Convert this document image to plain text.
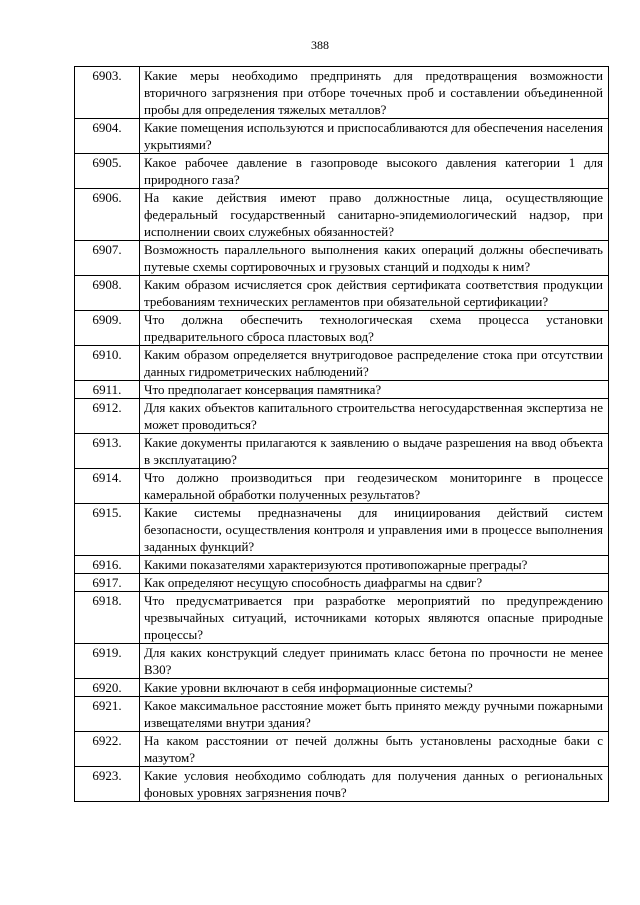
388
6903.	Какие меры необходимо предпринять для предотвращения возможности вторичного загрязнения при отборе точечных проб и составлении объединенной пробы для определения тяжелых металлов?
6904.	Какие помещения используются и приспосабливаются для обеспечения населения укрытиями?
6905.	Какое рабочее давление в газопроводе высокого давления категории 1 для природного газа?
6906.	На какие действия имеют право должностные лица, осуществляющие федеральный государственный санитарно-эпидемиологический надзор, при исполнении своих служебных обязанностей?
6907.	Возможность параллельного выполнения каких операций должны обеспечивать путевые схемы сортировочных и грузовых станций и подходы к ним?
6908.	Каким образом исчисляется срок действия сертификата соответствия продукции требованиям технических регламентов при обязательной сертификации?
6909.	Что должна обеспечить технологическая схема процесса установки предварительного сброса пластовых вод?
6910.	Каким образом определяется внутригодовое распределение стока при отсутствии данных гидрометрических наблюдений?
6911.	Что предполагает консервация памятника?
6912.	Для каких объектов капитального строительства негосударственная экспертиза не может проводиться?
6913.	Какие документы прилагаются к заявлению о выдаче разрешения на ввод объекта в эксплуатацию?
6914.	Что должно производиться при геодезическом мониторинге в процессе камеральной обработки полученных результатов?
6915.	Какие системы предназначены для инициирования действий систем безопасности, осуществления контроля и управления ими в процессе выполнения заданных функций?
6916.	Какими показателями характеризуются противопожарные преграды?
6917.	Как определяют несущую способность диафрагмы на сдвиг?
6918.	Что предусматривается при разработке мероприятий по предупреждению чрезвычайных ситуаций, источниками которых являются опасные природные процессы?
6919.	Для каких конструкций следует принимать класс бетона по прочности не менее В30?
6920.	Какие уровни включают в себя информационные системы?
6921.	Какое максимальное расстояние может быть принято между ручными пожарными извещателями внутри здания?
6922.	На каком расстоянии от печей должны быть установлены расходные баки с мазутом?
6923.	Какие условия необходимо соблюдать для получения данных о региональных фоновых уровнях загрязнения почв?
